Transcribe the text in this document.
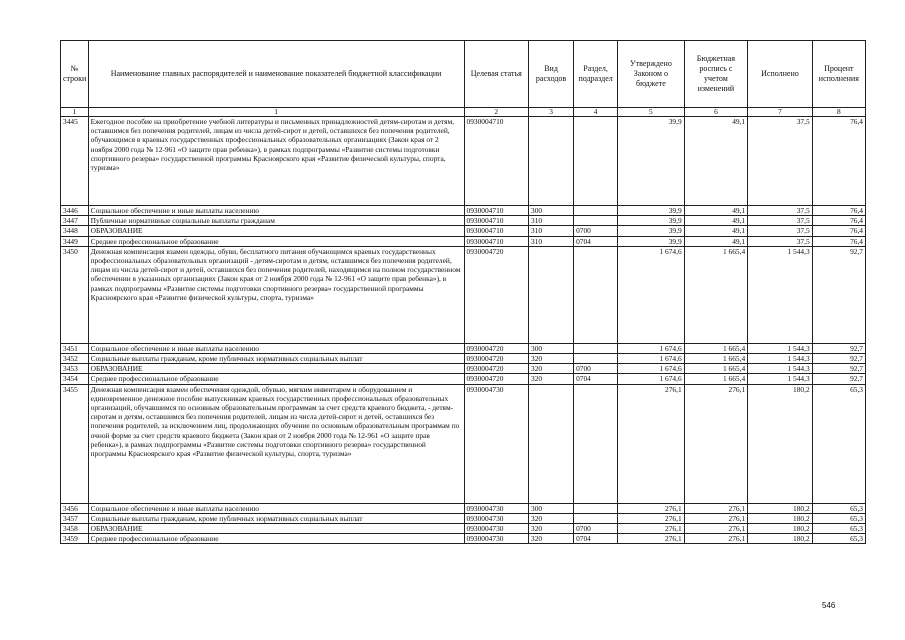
№ строки	Наименование главных распорядителей и наименование показателей бюджетной классификации	Целевая статья	Вид расходов	Раздел, подраздел	Утверждено Законом о бюджете	Бюджетная роспись с учетом изменений	Исполнено	Процент исполнения
1	1	2	3	4	5	6	7	8
3445	Ежегодное пособие на приобретение учебной литературы и письменных принадлежностей детям-сиротам и детям, оставшимся без попечения родителей, лицам из числа детей-сирот и детей, оставшихся без попечения родителей, обучающимся в краевых государственных профессиональных образовательных организациях (Закон края от 2 ноября 2000 года № 12-961 «О защите прав ребенка»), в рамках подпрограммы «Развитие системы подготовки спортивного резерва» государственной программы Красноярского края «Развитие физической культуры, спорта, туризма»	0930004710			39,9	49,1	37,5	76,4
3446	Социальное обеспечение и иные выплаты населению	0930004710	300		39,9	49,1	37,5	76,4
3447	Публичные нормативные социальные выплаты гражданам	0930004710	310		39,9	49,1	37,5	76,4
3448	ОБРАЗОВАНИЕ	0930004710	310	0700	39,9	49,1	37,5	76,4
3449	Среднее профессиональное образование	0930004710	310	0704	39,9	49,1	37,5	76,4
3450	Денежная компенсация взамен одежды, обуви, бесплатного питания обучающимся краевых государственных профессиональных образовательных организаций - детям-сиротам и детям, оставшимся без попечения родителей, лицам из числа детей-сирот и детей, оставшихся без попечения родителей, находящимся на полном государственном обеспечении в указанных организациях (Закон края от 2 ноября 2000 года № 12-961 «О защите прав ребенка»), в рамках подпрограммы «Развитие системы подготовки спортивного резерва» государственной программы Красноярского края «Развитие физической культуры, спорта, туризма»	0930004720			1 674,6	1 665,4	1 544,3	92,7
3451	Социальное обеспечение и иные выплаты населению	0930004720	300		1 674,6	1 665,4	1 544,3	92,7
3452	Социальные выплаты гражданам, кроме публичных нормативных социальных выплат	0930004720	320		1 674,6	1 665,4	1 544,3	92,7
3453	ОБРАЗОВАНИЕ	0930004720	320	0700	1 674,6	1 665,4	1 544,3	92,7
3454	Среднее профессиональное образование	0930004720	320	0704	1 674,6	1 665,4	1 544,3	92,7
3455	Денежная компенсация взамен обеспечения одеждой, обувью, мягким инвентарем и оборудованием и единовременное денежное пособие выпускникам краевых государственных профессиональных образовательных организаций, обучавшимся по основным образовательным программам за счет средств краевого бюджета, - детям-сиротам и детям, оставшимся без попечения родителей, лицам из числа детей-сирот и детей, оставшихся без попечения родителей, за исключением лиц, продолжающих обучение по основным образовательным программам по очной форме за счет средств краевого бюджета (Закон края от 2 ноября 2000 года № 12-961 «О защите прав ребенка»), в рамках подпрограммы «Развитие системы подготовки спортивного резерва» государственной программы Красноярского края «Развитие физической культуры, спорта, туризма»	0930004730			276,1	276,1	180,2	65,3
3456	Социальное обеспечение и иные выплаты населению	0930004730	300		276,1	276,1	180,2	65,3
3457	Социальные выплаты гражданам, кроме публичных нормативных социальных выплат	0930004730	320		276,1	276,1	180,2	65,3
3458	ОБРАЗОВАНИЕ	0930004730	320	0700	276,1	276,1	180,2	65,3
3459	Среднее профессиональное образование	0930004730	320	0704	276,1	276,1	180,2	65,3
546
